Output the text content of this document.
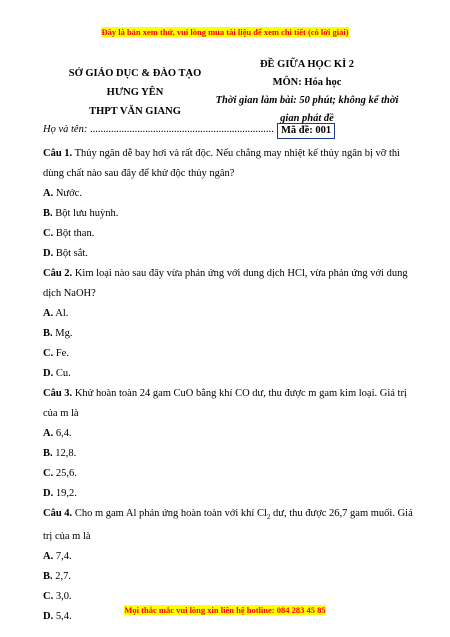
Đây là bản xem thử, vui lòng mua tài liệu để xem chi tiết (có lời giải)
SỞ GIÁO DỤC & ĐÀO TẠO
HƯNG YÊN
THPT VĂN GIANG
ĐỀ GIỮA HỌC KÌ 2
MÔN: Hóa học
Thời gian làm bài: 50 phút; không kể thời
gian phát đề
Họ và tên: ...................................................................... Mã đề: 001

Câu 1. Thủy ngân dễ bay hơi và rất độc. Nếu chẳng may nhiệt kế thủy ngân bị vỡ thì dùng chất nào sau đây để khử độc thủy ngân?

A. Nước.

B. Bột lưu huỳnh.

C. Bột than.

D. Bột sắt.

Câu 2. Kim loại nào sau đây vừa phản ứng với dung dịch HCl, vừa phản ứng với dung dịch NaOH?

A. Al.

B. Mg.

C. Fe.

D. Cu.

Câu 3. Khử hoàn toàn 24 gam CuO bằng khí CO dư, thu được m gam kim loại. Giá trị của m là

A. 6,4.

B. 12,8.

C. 25,6.

D. 19,2.

Câu 4. Cho m gam Al phản ứng hoàn toàn với khí $Cl_2$ dư, thu được 26,7 gam muối. Giá trị của m là

A. 7,4.

B. 2,7.

C. 3,0.

D. 5,4.

Mọi thắc mắc vui lòng xin liên hệ hotline: 084 283 45 85
